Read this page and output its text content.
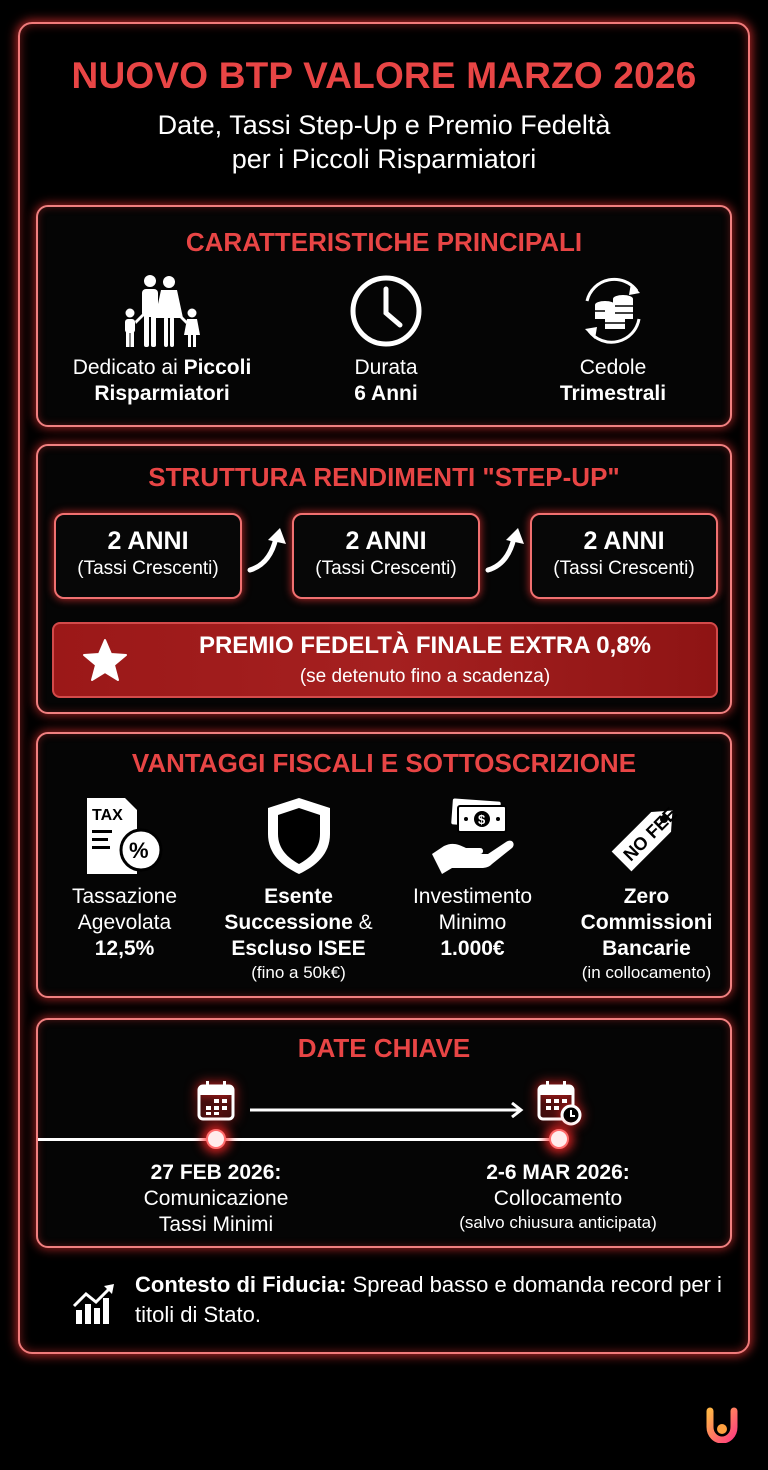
NUOVO BTP VALORE MARZO 2026
Date, Tassi Step-Up e Premio Fedeltà
per i Piccoli Risparmiatori
CARATTERISTICHE PRINCIPALI
Dedicato ai Piccoli
Risparmiatori
Durata
6 Anni
Cedole
Trimestrali
STRUTTURA RENDIMENTI "STEP-UP"
2 ANNI
(Tassi Crescenti)
2 ANNI
(Tassi Crescenti)
2 ANNI
(Tassi Crescenti)
PREMIO FEDELTÀ FINALE EXTRA 0,8%
(se detenuto fino a scadenza)
VANTAGGI FISCALI E SOTTOSCRIZIONE
TAX
%
Tassazione
Agevolata
12,5%
Esente
Successione &
Escluso ISEE
(fino a 50k€)
$
Investimento
Minimo
1.000€
NO FEE
Zero
Commissioni
Bancarie
(in collocamento)
DATE CHIAVE
27 FEB 2026:
Comunicazione
Tassi Minimi
2-6 MAR 2026:
Collocamento
(salvo chiusura anticipata)
Contesto di Fiducia: Spread basso e domanda record per i titoli di Stato.
